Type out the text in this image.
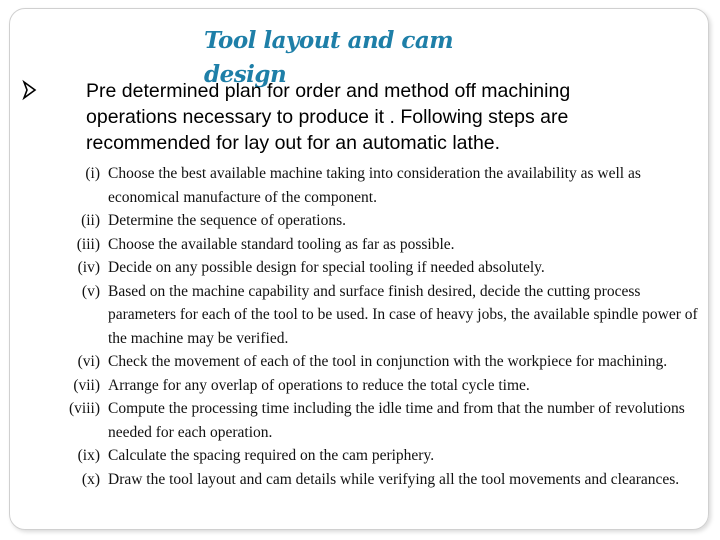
Tool layout and cam design
Pre determined plan for order and method off machining
operations necessary to produce it . Following steps are
recommended for lay out for an automatic lathe.
(i) Choose the best available machine taking into consideration the availability as well as
economical manufacture of the component.
(ii) Determine the sequence of operations.
(iii) Choose the available standard tooling as far as possible.
(iv) Decide on any possible design for special tooling if needed absolutely.
(v) Based on the machine capability and surface finish desired, decide the cutting process
parameters for each of the tool to be used. In case of heavy jobs, the available spindle power of
the machine may be verified.
(vi) Check the movement of each of the tool in conjunction with the workpiece for machining.
(vii) Arrange for any overlap of operations to reduce the total cycle time.
(viii) Compute the processing time including the idle time and from that the number of revolutions
needed for each operation.
(ix) Calculate the spacing required on the cam periphery.
(x) Draw the tool layout and cam details while verifying all the tool movements and clearances.
